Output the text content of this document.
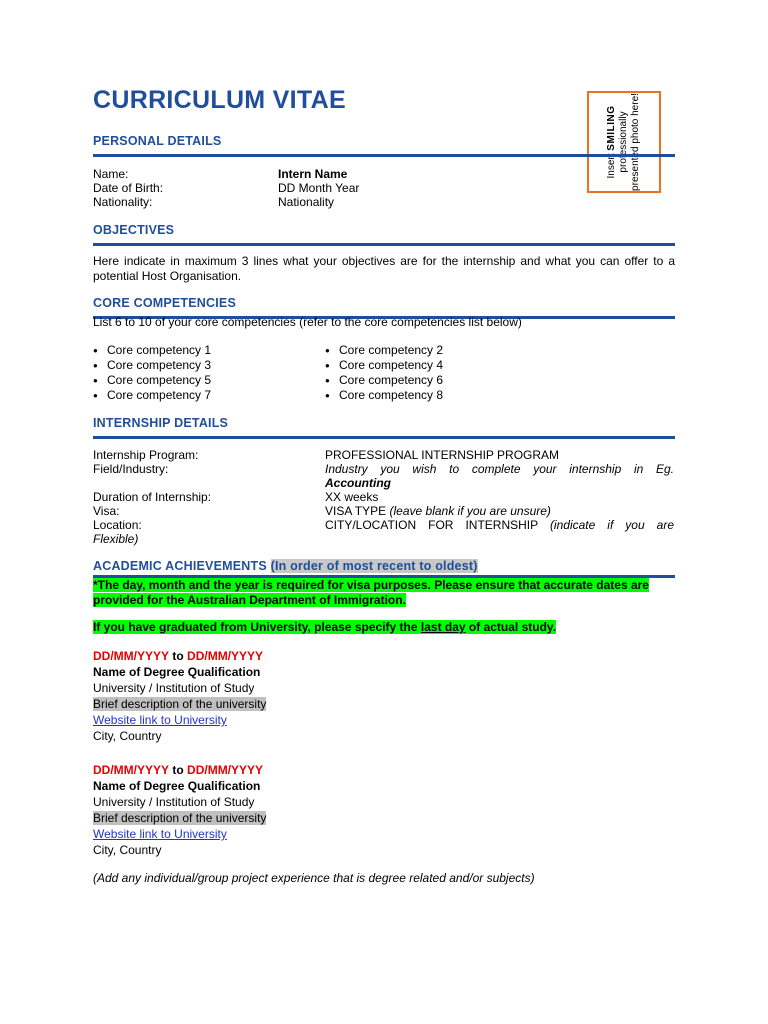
CURRICULUM VITAE
Insert SMILING professionally presented photo here!
PERSONAL DETAILS
Name:	Intern Name
Date of Birth:	DD Month Year
Nationality:	Nationality
OBJECTIVES
Here indicate in maximum 3 lines what your objectives are for the internship and what you can offer to a potential Host Organisation.
CORE COMPETENCIES
List 6 to 10 of your core competencies (refer to the core competencies list below)
● Core competency 1
● Core competency 3
● Core competency 5
● Core competency 7
● Core competency 2
● Core competency 4
● Core competency 6
● Core competency 8
INTERNSHIP DETAILS
Internship Program:	PROFESSIONAL INTERNSHIP PROGRAM
Field/Industry:	Industry you wish to complete your internship in Eg.
Accounting
Duration of Internship:	XX weeks
Visa:	VISA TYPE (leave blank if you are unsure)
Location:	CITY/LOCATION FOR INTERNSHIP (indicate if you are
Flexible)
ACADEMIC ACHIEVEMENTS (In order of most recent to oldest)
*The day, month and the year is required for visa purposes. Please ensure that accurate dates are provided for the Australian Department of Immigration.
If you have graduated from University, please specify the last day of actual study.
DD/MM/YYYY to DD/MM/YYYY
Name of Degree Qualification
University / Institution of Study
Brief description of the university
Website link to University
City, Country
DD/MM/YYYY to DD/MM/YYYY
Name of Degree Qualification
University / Institution of Study
Brief description of the university
Website link to University
City, Country
(Add any individual/group project experience that is degree related and/or subjects)
